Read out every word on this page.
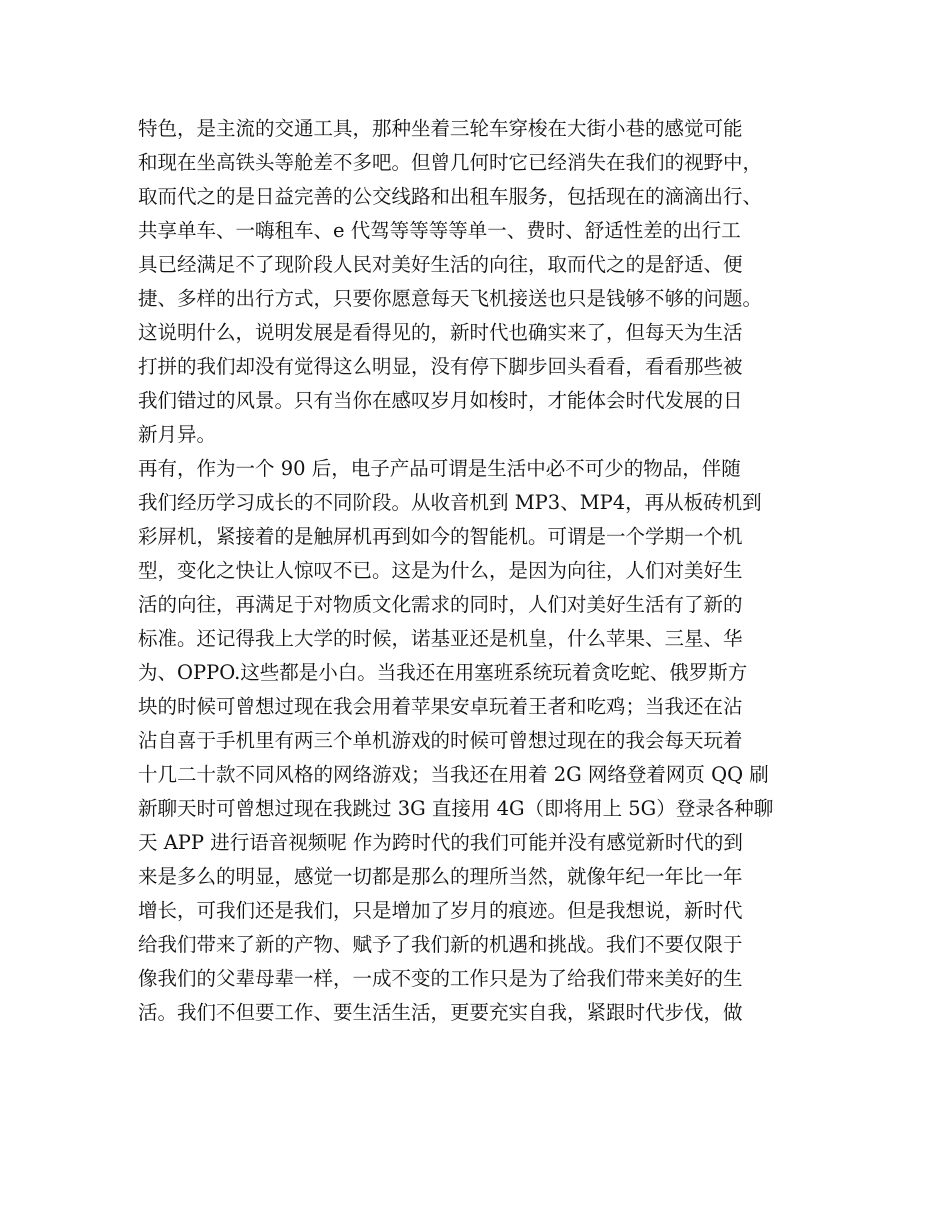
特色，是主流的交通工具，那种坐着三轮车穿梭在大街小巷的感觉可能
和现在坐高铁头等舱差不多吧。但曾几何时它已经消失在我们的视野中，
取而代之的是日益完善的公交线路和出租车服务，包括现在的滴滴出行、
共享单车、一嗨租车、e 代驾等等等等单一、费时、舒适性差的出行工
具已经满足不了现阶段人民对美好生活的向往，取而代之的是舒适、便
捷、多样的出行方式，只要你愿意每天飞机接送也只是钱够不够的问题。
这说明什么，说明发展是看得见的，新时代也确实来了，但每天为生活
打拼的我们却没有觉得这么明显，没有停下脚步回头看看，看看那些被
我们错过的风景。只有当你在感叹岁月如梭时，才能体会时代发展的日
新月异。
再有，作为一个 90 后，电子产品可谓是生活中必不可少的物品，伴随
我们经历学习成长的不同阶段。从收音机到 MP3、MP4，再从板砖机到
彩屏机，紧接着的是触屏机再到如今的智能机。可谓是一个学期一个机
型，变化之快让人惊叹不已。这是为什么，是因为向往，人们对美好生
活的向往，再满足于对物质文化需求的同时，人们对美好生活有了新的
标准。还记得我上大学的时候，诺基亚还是机皇，什么苹果、三星、华
为、OPPO.这些都是小白。当我还在用塞班系统玩着贪吃蛇、俄罗斯方
块的时候可曾想过现在我会用着苹果安卓玩着王者和吃鸡；当我还在沾
沾自喜于手机里有两三个单机游戏的时候可曾想过现在的我会每天玩着
十几二十款不同风格的网络游戏；当我还在用着 2G 网络登着网页 QQ 刷
新聊天时可曾想过现在我跳过 3G 直接用 4G（即将用上 5G）登录各种聊
天 APP 进行语音视频呢 作为跨时代的我们可能并没有感觉新时代的到
来是多么的明显，感觉一切都是那么的理所当然，就像年纪一年比一年
增长，可我们还是我们，只是增加了岁月的痕迹。但是我想说，新时代
给我们带来了新的产物、赋予了我们新的机遇和挑战。我们不要仅限于
像我们的父辈母辈一样，一成不变的工作只是为了给我们带来美好的生
活。我们不但要工作、要生活生活，更要充实自我，紧跟时代步伐，做
